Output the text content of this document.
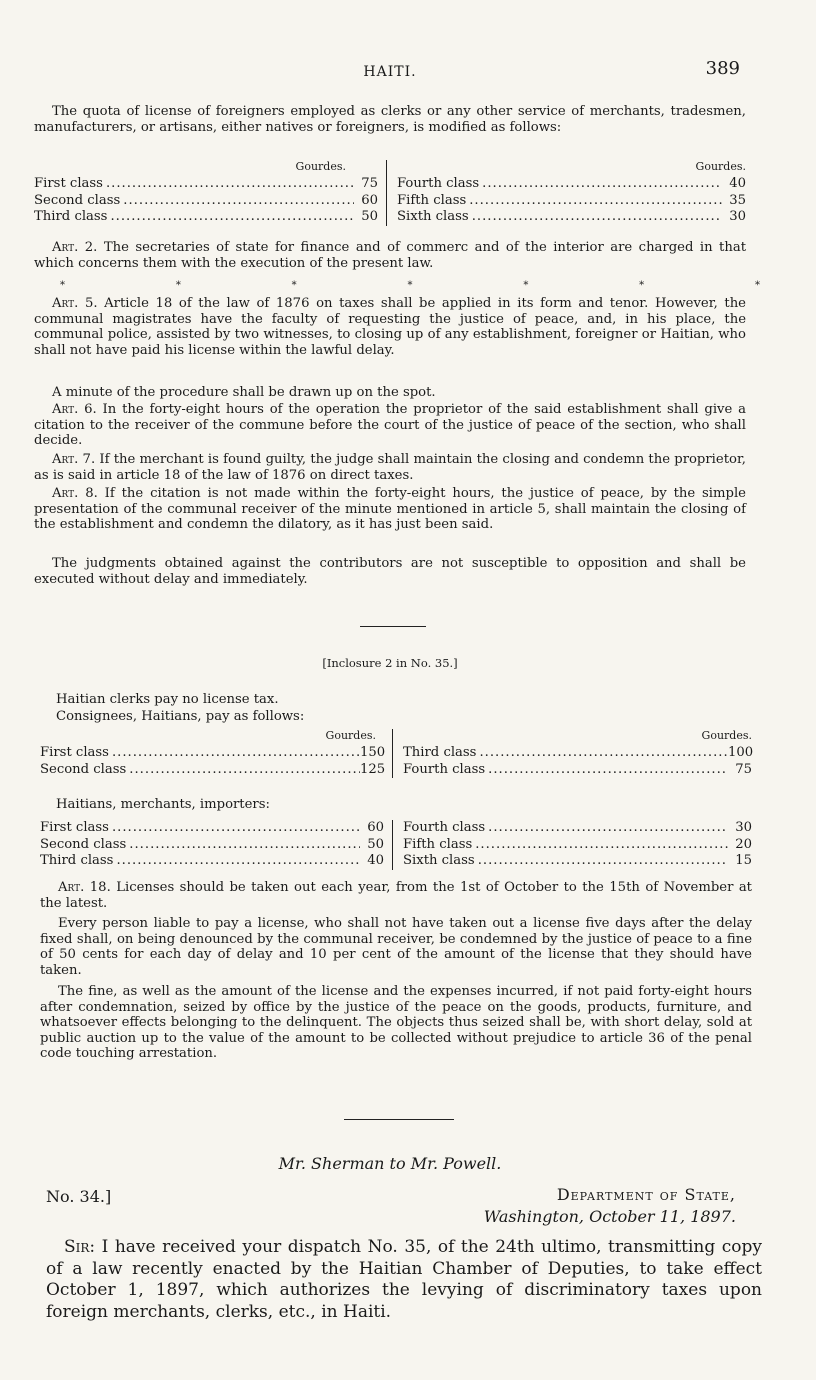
HAITI.	389

The quota of license of foreigners employed as clerks or any other service of merchants, tradesmen, manufacturers, or artisans, either natives or foreigners, is modified as follows:

Gourdes.
First class .....	75
Second class .....	60
Third class .....	50
Gourdes.
Fourth class .....	40
Fifth class .....	35
Sixth class .....	30

Art. 2. The secretaries of state for finance and of commerc and of the interior are charged in that which concerns them with the execution of the present law.

*	*	*	*	*	*	*

Art. 5. Article 18 of the law of 1876 on taxes shall be applied in its form and tenor. However, the communal magistrates have the faculty of requesting the justice of peace, and, in his place, the communal police, assisted by two witnesses, to closing up of any establishment, foreigner or Haitian, who shall not have paid his license within the lawful delay.

A minute of the procedure shall be drawn up on the spot.

Art. 6. In the forty-eight hours of the operation the proprietor of the said establishment shall give a citation to the receiver of the commune before the court of the justice of peace of the section, who shall decide.

Art. 7. If the merchant is found guilty, the judge shall maintain the closing and condemn the proprietor, as is said in article 18 of the law of 1876 on direct taxes.

Art. 8. If the citation is not made within the forty-eight hours, the justice of peace, by the simple presentation of the communal receiver of the minute mentioned in article 5, shall maintain the closing of the establishment and condemn the dilatory, as it has just been said.

The judgments obtained against the contributors are not susceptible to opposition and shall be executed without delay and immediately.

[Inclosure 2 in No. 35.]

Haitian clerks pay no license tax.

Consignees, Haitians, pay as follows:

Gourdes.
First class .....	150
Second class .....	125
Gourdes.
Third class .....	100
Fourth class .....	75

Haitians, merchants, importers:

First class .....	60
Second class .....	50
Third class .....	40
Fourth class .....	30
Fifth class .....	20
Sixth class .....	15

Art. 18. Licenses should be taken out each year, from the 1st of October to the 15th of November at the latest.

Every person liable to pay a license, who shall not have taken out a license five days after the delay fixed shall, on being denounced by the communal receiver, be condemned by the justice of peace to a fine of 50 cents for each day of delay and 10 per cent of the amount of the license that they should have taken.

The fine, as well as the amount of the license and the expenses incurred, if not paid forty-eight hours after condemnation, seized by office by the justice of the peace on the goods, products, furniture, and whatsoever effects belonging to the delinquent. The objects thus seized shall be, with short delay, sold at public auction up to the value of the amount to be collected without prejudice to article 36 of the penal code touching arrestation.

Mr. Sherman to Mr. Powell.
No. 34.]	Department of State,
Washington, October 11, 1897.

Sir: I have received your dispatch No. 35, of the 24th ultimo, transmitting copy of a law recently enacted by the Haitian Chamber of Deputies, to take effect October 1, 1897, which authorizes the levying of discriminatory taxes upon foreign merchants, clerks, etc., in Haiti.
